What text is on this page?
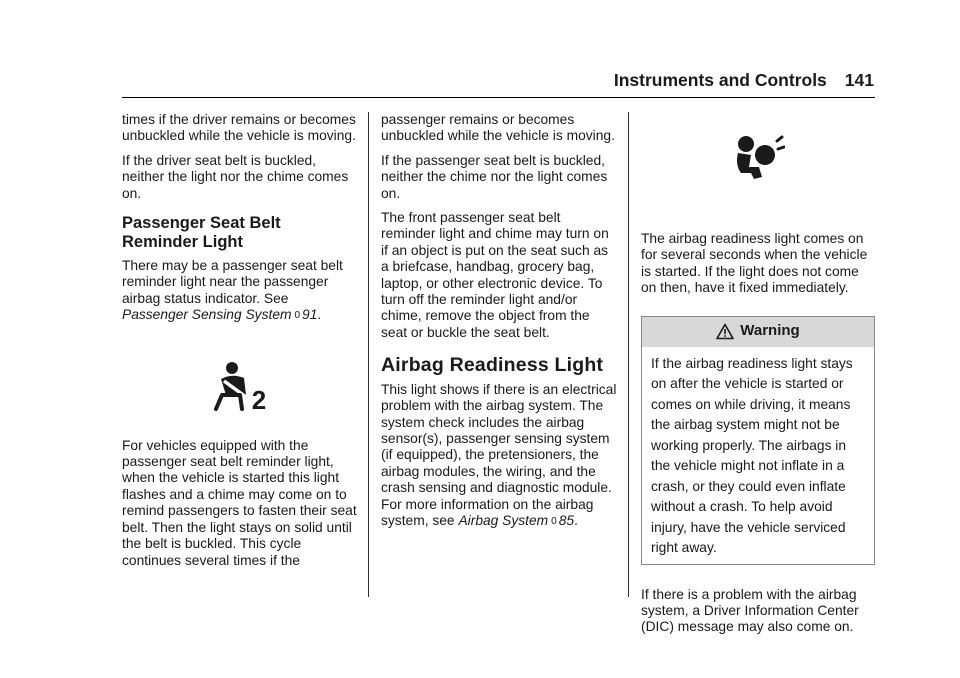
Instruments and Controls 141

times if the driver remains or becomes unbuckled while the vehicle is moving.

If the driver seat belt is buckled, neither the light nor the chime comes on.

Passenger Seat Belt Reminder Light

There may be a passenger seat belt reminder light near the passenger airbag status indicator. See Passenger Sensing System 0 91.

2

For vehicles equipped with the passenger seat belt reminder light, when the vehicle is started this light flashes and a chime may come on to remind passengers to fasten their seat belt. Then the light stays on solid until the belt is buckled. This cycle continues several times if the

passenger remains or becomes unbuckled while the vehicle is moving.

If the passenger seat belt is buckled, neither the chime nor the light comes on.

The front passenger seat belt reminder light and chime may turn on if an object is put on the seat such as a briefcase, handbag, grocery bag, laptop, or other electronic device. To turn off the reminder light and/or chime, remove the object from the seat or buckle the seat belt.

Airbag Readiness Light

This light shows if there is an electrical problem with the airbag system. The system check includes the airbag sensor(s), passenger sensing system (if equipped), the pretensioners, the airbag modules, the wiring, and the crash sensing and diagnostic module. For more information on the airbag system, see Airbag System 0 85.

The airbag readiness light comes on for several seconds when the vehicle is started. If the light does not come on then, have it fixed immediately.

Warning
If the airbag readiness light stays on after the vehicle is started or comes on while driving, it means the airbag system might not be working properly. The airbags in the vehicle might not inflate in a crash, or they could even inflate without a crash. To help avoid injury, have the vehicle serviced right away.

If there is a problem with the airbag system, a Driver Information Center (DIC) message may also come on.
